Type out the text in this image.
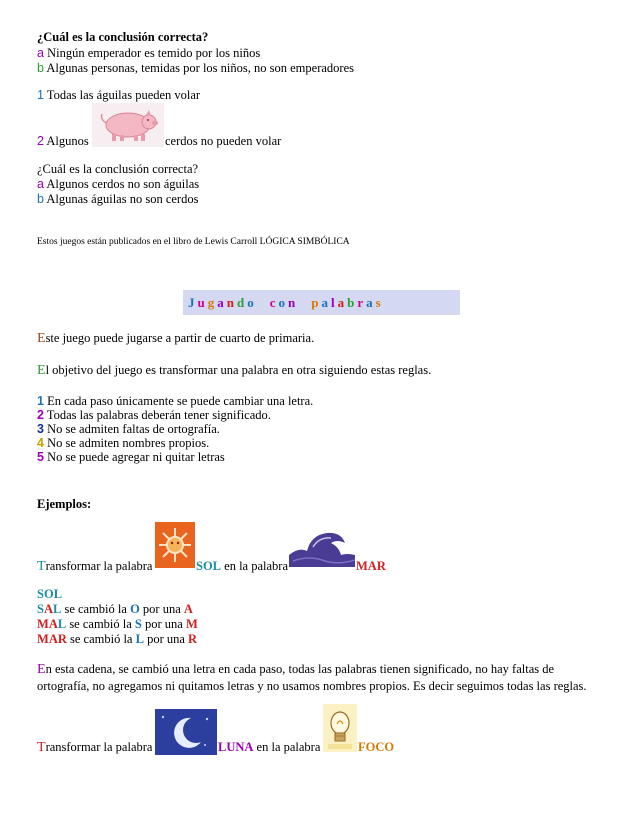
¿Cuál es la conclusión correcta?
a Ningún emperador es temido por los niños
b Algunas personas, temidas por los niños, no son emperadores
1 Todas las águilas pueden volar
2 Algunos	cerdos no pueden volar
¿Cuál es la conclusión correcta?
a Algunos cerdos no son águilas
b Algunas águilas no son cerdos
Estos juegos están publicados en el libro de Lewis Carroll LÓGICA SIMBÓLICA
Jugando con palabras
Este juego puede jugarse a partir de cuarto de primaria.
El objetivo del juego es transformar una palabra en otra siguiendo estas reglas.
1 En cada paso únicamente se puede cambiar una letra.
2 Todas las palabras deberán tener significado.
3 No se admiten faltas de ortografía.
4 No se admiten nombres propios.
5 No se puede agregar ni quitar letras
Ejemplos:
Transformar la palabra	SOL en la palabra	MAR
SOL
SAL se cambió la O por una A
MAL se cambió la S por una M
MAR se cambió la L por una R
En esta cadena, se cambió una letra en cada paso, todas las palabras tienen significado, no hay faltas de ortografía, no agregamos ni quitamos letras y no usamos nombres propios. Es decir seguimos todas las reglas.
Transformar la palabra	LUNA en la palabra	FOCO
